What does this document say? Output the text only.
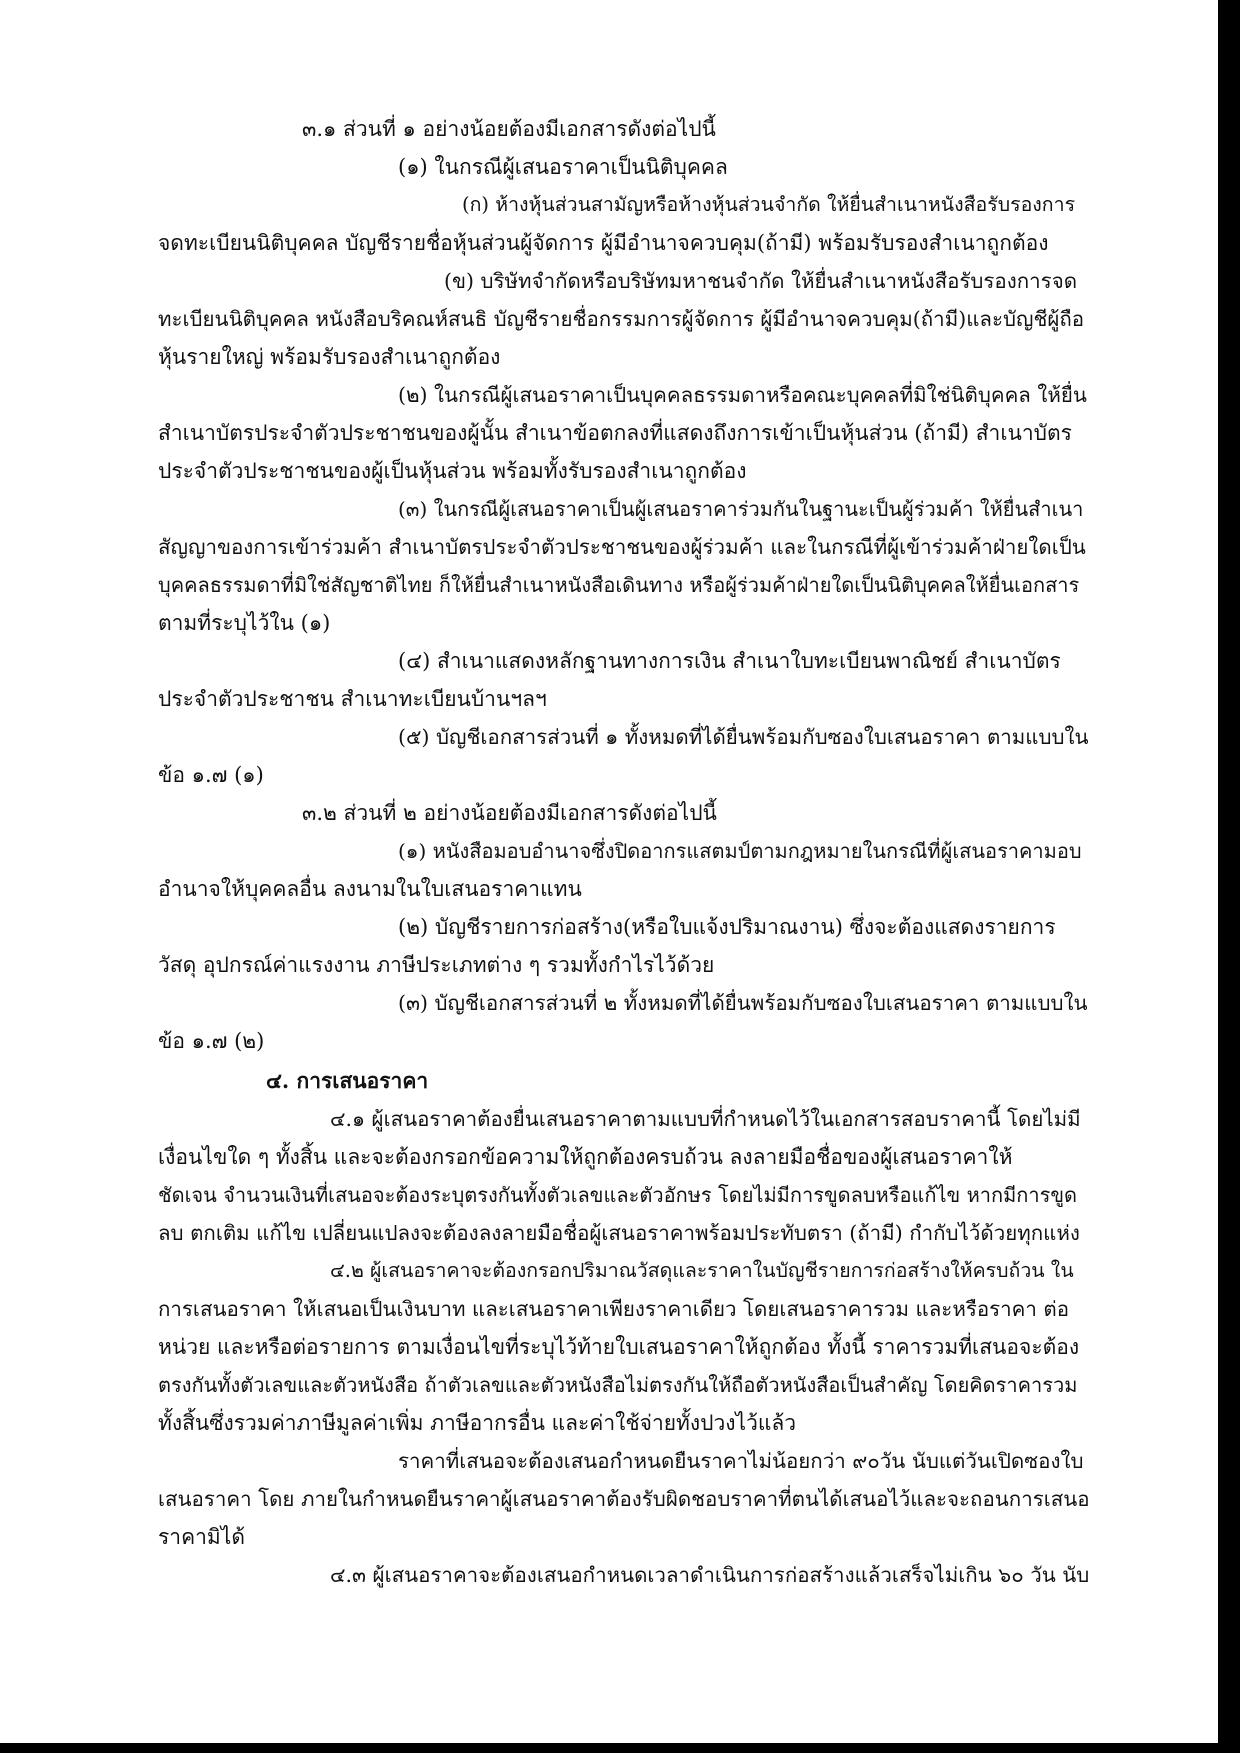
๓.๑ ส่วนที่ ๑ อย่างน้อยต้องมีเอกสารดังต่อไปนี้
(๑) ในกรณีผู้เสนอราคาเป็นนิติบุคคล
(ก) ห้างหุ้นส่วนสามัญหรือห้างหุ้นส่วนจำกัด ให้ยื่นสำเนาหนังสือรับรองการ
จดทะเบียนนิติบุคคล บัญชีรายชื่อหุ้นส่วนผู้จัดการ ผู้มีอำนาจควบคุม(ถ้ามี) พร้อมรับรองสำเนาถูกต้อง
(ข) บริษัทจำกัดหรือบริษัทมหาชนจำกัด ให้ยื่นสำเนาหนังสือรับรองการจด
ทะเบียนนิติบุคคล หนังสือบริคณห์สนธิ บัญชีรายชื่อกรรมการผู้จัดการ ผู้มีอำนาจควบคุม(ถ้ามี)และบัญชีผู้ถือ
หุ้นรายใหญ่ พร้อมรับรองสำเนาถูกต้อง
(๒) ในกรณีผู้เสนอราคาเป็นบุคคลธรรมดาหรือคณะบุคคลที่มิใช่นิติบุคคล ให้ยื่น
สำเนาบัตรประจำตัวประชาชนของผู้นั้น สำเนาข้อตกลงที่แสดงถึงการเข้าเป็นหุ้นส่วน (ถ้ามี) สำเนาบัตร
ประจำตัวประชาชนของผู้เป็นหุ้นส่วน พร้อมทั้งรับรองสำเนาถูกต้อง
(๓) ในกรณีผู้เสนอราคาเป็นผู้เสนอราคาร่วมกันในฐานะเป็นผู้ร่วมค้า ให้ยื่นสำเนา
สัญญาของการเข้าร่วมค้า สำเนาบัตรประจำตัวประชาชนของผู้ร่วมค้า และในกรณีที่ผู้เข้าร่วมค้าฝ่ายใดเป็น
บุคคลธรรมดาที่มิใช่สัญชาติไทย ก็ให้ยื่นสำเนาหนังสือเดินทาง หรือผู้ร่วมค้าฝ่ายใดเป็นนิติบุคคลให้ยื่นเอกสาร
ตามที่ระบุไว้ใน (๑)
(๔) สำเนาแสดงหลักฐานทางการเงิน สำเนาใบทะเบียนพาณิชย์ สำเนาบัตร
ประจำตัวประชาชน สำเนาทะเบียนบ้านฯลฯ
(๕) บัญชีเอกสารส่วนที่ ๑ ทั้งหมดที่ได้ยื่นพร้อมกับซองใบเสนอราคา ตามแบบใน
ข้อ ๑.๗ (๑)
๓.๒ ส่วนที่ ๒ อย่างน้อยต้องมีเอกสารดังต่อไปนี้
(๑) หนังสือมอบอำนาจซึ่งปิดอากรแสตมป์ตามกฎหมายในกรณีที่ผู้เสนอราคามอบ
อำนาจให้บุคคลอื่น ลงนามในใบเสนอราคาแทน
(๒) บัญชีรายการก่อสร้าง(หรือใบแจ้งปริมาณงาน) ซึ่งจะต้องแสดงรายการ
วัสดุ อุปกรณ์ค่าแรงงาน ภาษีประเภทต่าง ๆ รวมทั้งกำไรไว้ด้วย
(๓) บัญชีเอกสารส่วนที่ ๒ ทั้งหมดที่ได้ยื่นพร้อมกับซองใบเสนอราคา ตามแบบใน
ข้อ ๑.๗ (๒)
๔. การเสนอราคา
๔.๑ ผู้เสนอราคาต้องยื่นเสนอราคาตามแบบที่กำหนดไว้ในเอกสารสอบราคานี้ โดยไม่มี
เงื่อนไขใด ๆ ทั้งสิ้น และจะต้องกรอกข้อความให้ถูกต้องครบถ้วน ลงลายมือชื่อของผู้เสนอราคาให้
ชัดเจน จำนวนเงินที่เสนอจะต้องระบุตรงกันทั้งตัวเลขและตัวอักษร โดยไม่มีการขูดลบหรือแก้ไข หากมีการขูด
ลบ ตกเติม แก้ไข เปลี่ยนแปลงจะต้องลงลายมือชื่อผู้เสนอราคาพร้อมประทับตรา (ถ้ามี) กำกับไว้ด้วยทุกแห่ง
๔.๒ ผู้เสนอราคาจะต้องกรอกปริมาณวัสดุและราคาในบัญชีรายการก่อสร้างให้ครบถ้วน ใน
การเสนอราคา ให้เสนอเป็นเงินบาท และเสนอราคาเพียงราคาเดียว โดยเสนอราคารวม และหรือราคา ต่อ
หน่วย และหรือต่อรายการ ตามเงื่อนไขที่ระบุไว้ท้ายใบเสนอราคาให้ถูกต้อง ทั้งนี้ ราคารวมที่เสนอจะต้อง
ตรงกันทั้งตัวเลขและตัวหนังสือ ถ้าตัวเลขและตัวหนังสือไม่ตรงกันให้ถือตัวหนังสือเป็นสำคัญ โดยคิดราคารวม
ทั้งสิ้นซึ่งรวมค่าภาษีมูลค่าเพิ่ม ภาษีอากรอื่น และค่าใช้จ่ายทั้งปวงไว้แล้ว
ราคาที่เสนอจะต้องเสนอกำหนดยืนราคาไม่น้อยกว่า ๙๐วัน นับแต่วันเปิดซองใบ
เสนอราคา โดย ภายในกำหนดยืนราคาผู้เสนอราคาต้องรับผิดชอบราคาที่ตนได้เสนอไว้และจะถอนการเสนอ
ราคามิได้
๔.๓ ผู้เสนอราคาจะต้องเสนอกำหนดเวลาดำเนินการก่อสร้างแล้วเสร็จไม่เกิน ๖๐ วัน นับ
